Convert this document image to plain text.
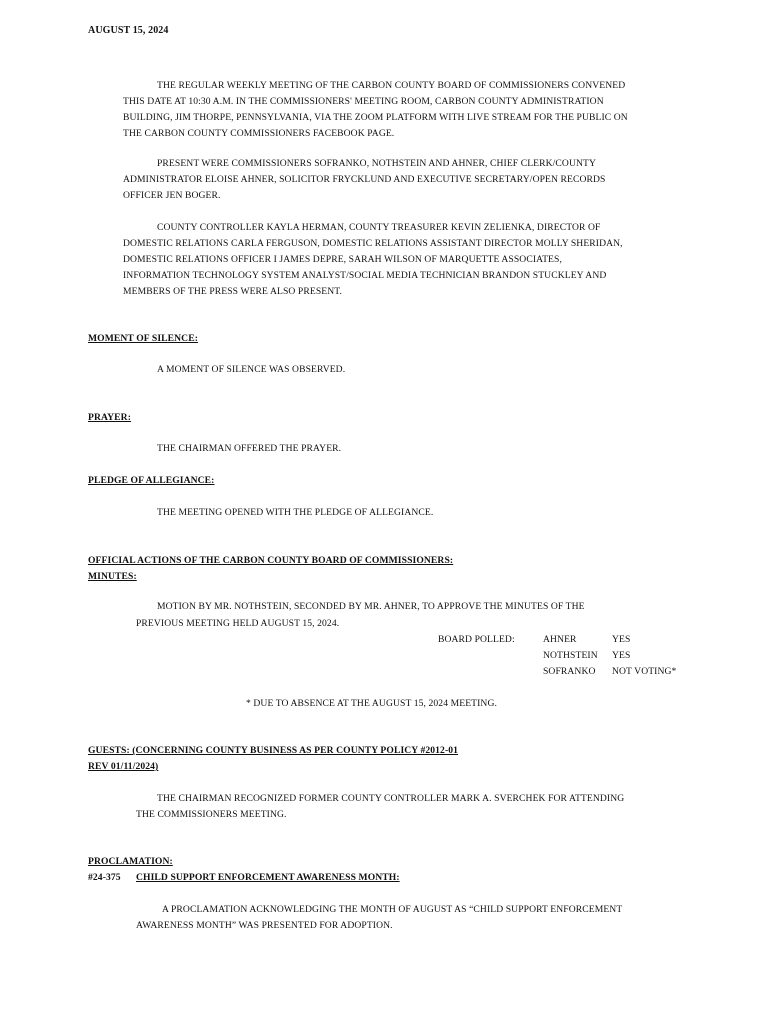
AUGUST 15, 2024
THE REGULAR WEEKLY MEETING OF THE CARBON COUNTY BOARD OF COMMISSIONERS CONVENED
THIS DATE AT 10:30 A.M. IN THE COMMISSIONERS' MEETING ROOM, CARBON COUNTY ADMINISTRATION
BUILDING, JIM THORPE, PENNSYLVANIA, VIA THE ZOOM PLATFORM WITH LIVE STREAM FOR THE PUBLIC ON
THE CARBON COUNTY COMMISSIONERS FACEBOOK PAGE.
PRESENT WERE COMMISSIONERS SOFRANKO, NOTHSTEIN AND AHNER, CHIEF CLERK/COUNTY
ADMINISTRATOR ELOISE AHNER, SOLICITOR FRYCKLUND AND EXECUTIVE SECRETARY/OPEN RECORDS
OFFICER JEN BOGER.
COUNTY CONTROLLER KAYLA HERMAN, COUNTY TREASURER KEVIN ZELIENKA, DIRECTOR OF
DOMESTIC RELATIONS CARLA FERGUSON, DOMESTIC RELATIONS ASSISTANT DIRECTOR MOLLY SHERIDAN,
DOMESTIC RELATIONS OFFICER I JAMES DEPRE, SARAH WILSON OF MARQUETTE ASSOCIATES,
INFORMATION TECHNOLOGY SYSTEM ANALYST/SOCIAL MEDIA TECHNICIAN BRANDON STUCKLEY AND
MEMBERS OF THE PRESS WERE ALSO PRESENT.
MOMENT OF SILENCE:
A MOMENT OF SILENCE WAS OBSERVED.
PRAYER:
THE CHAIRMAN OFFERED THE PRAYER.
PLEDGE OF ALLEGIANCE:
THE MEETING OPENED WITH THE PLEDGE OF ALLEGIANCE.
OFFICIAL ACTIONS OF THE CARBON COUNTY BOARD OF COMMISSIONERS:
MINUTES:
MOTION BY MR. NOTHSTEIN, SECONDED BY MR. AHNER, TO APPROVE THE MINUTES OF THE
PREVIOUS MEETING HELD AUGUST 15, 2024.
BOARD POLLED:	AHNER	YES
NOTHSTEIN YES
SOFRANKO NOT VOTING*
* DUE TO ABSENCE AT THE AUGUST 15, 2024 MEETING.
GUESTS: (CONCERNING COUNTY BUSINESS AS PER COUNTY POLICY #2012-01
REV 01/11/2024)
THE CHAIRMAN RECOGNIZED FORMER COUNTY CONTROLLER MARK A. SVERCHEK FOR ATTENDING
THE COMMISSIONERS MEETING.
PROCLAMATION:
#24-375 CHILD SUPPORT ENFORCEMENT AWARENESS MONTH:
A PROCLAMATION ACKNOWLEDGING THE MONTH OF AUGUST AS “CHILD SUPPORT ENFORCEMENT
AWARENESS MONTH” WAS PRESENTED FOR ADOPTION.
